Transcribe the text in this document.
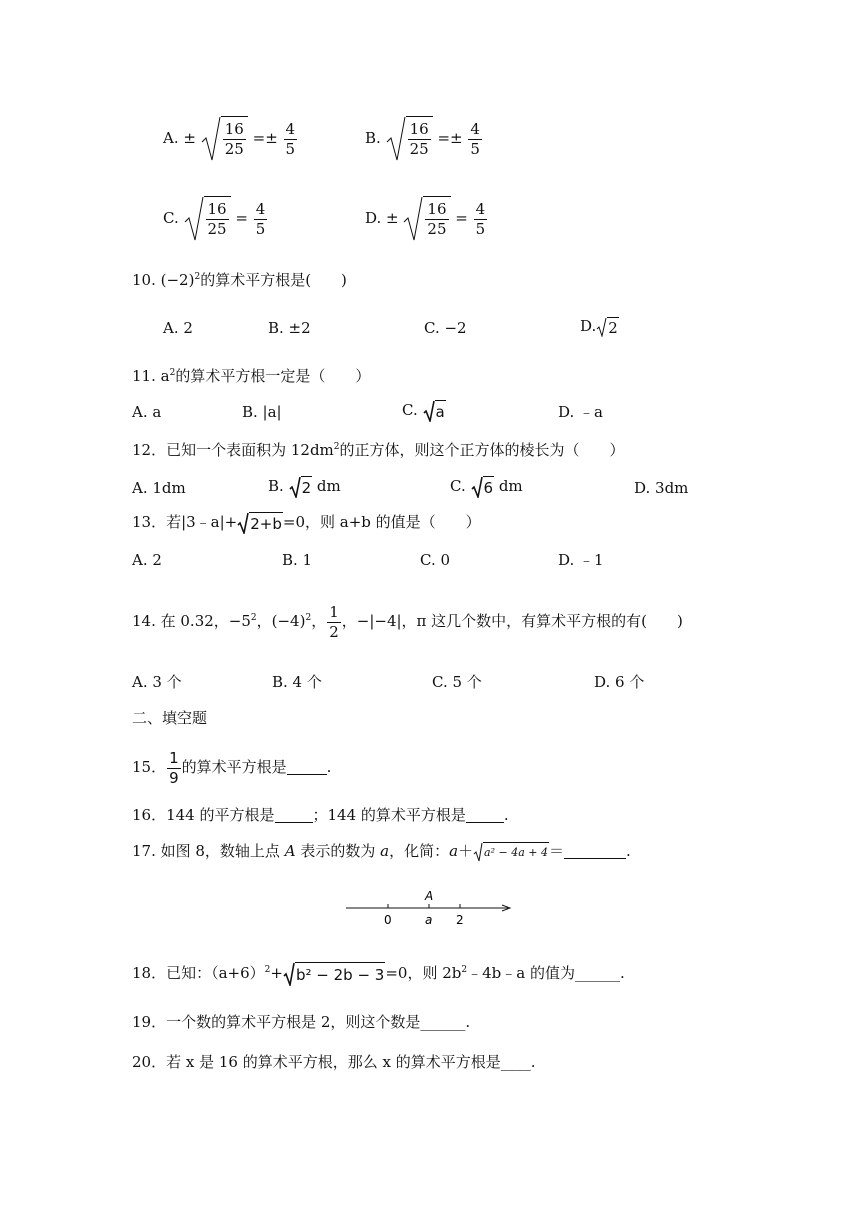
A. ± $\frac{16}{25} =\pm \frac{4}{5}$	B. $\frac{16}{25} =\pm \frac{4}{5}$
C. $\frac{16}{25} = \frac{4}{5}$	D. ± $\frac{16}{25} = \frac{4}{5}$
10. $(-2)^2$的算术平方根是(　　)
A. 2	B. ±2	C. −2	D. 2
11. $a^2$的算术平方根一定是（　　）
A. a	B. |a|	C. a	D. ﹣a
12．已知一个表面积为 $12dm^2$的正方体，则这个正方体的棱长为（　　）
A. 1dm	B. 2 dm	C. 6 dm	D. 3dm
13．若|3﹣a|+ 2+b =0，则 a+b 的值是（　　）
A. 2	B. 1	C. 0	D. ﹣1
14. 在 0.32，$-5^2$，$(-4)^2$， $\frac{1}{2}$ ，−|−4|，π 这几个数中，有算术平方根的有(　　)
A. 3 个	B. 4 个	C. 5 个	D. 6 个
二、填空题
15． $\frac{1}{9}$ 的算术平方根是	.
16．144 的平方根是	；144 的算术平方根是	.
17. 如图 8，数轴上点 A 表示的数为 a，化简：a＋ a² − 4a + 4 ＝	.
A
0	a 2
18．已知：$(a+6)^2+ b^2 - 2b - 3 =0$，则 $2b^2﹣4b﹣a$ 的值为______.
19．一个数的算术平方根是 2，则这个数是______.
20．若 x 是 16 的算术平方根，那么 x 的算术平方根是____.
